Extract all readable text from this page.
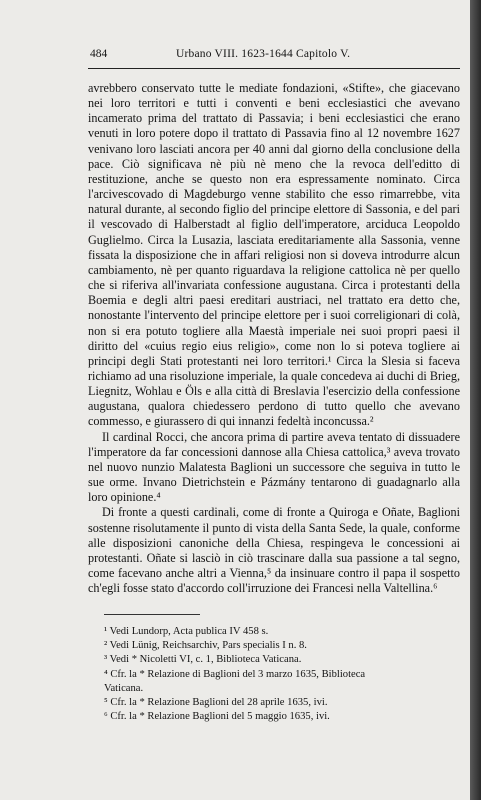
484	Urbano VIII. 1623-1644 Capitolo V.

avrebbero conservato tutte le mediate fondazioni, «Stifte», che giacevano nei loro territori e tutti i conventi e beni ecclesiastici che avevano incamerato prima del trattato di Passavia; i beni ecclesiastici che erano venuti in loro potere dopo il trattato di Passavia fino al 12 novembre 1627 venivano loro lasciati ancora per 40 anni dal giorno della conclusione della pace. Ciò significava nè più nè meno che la revoca dell'editto di restituzione, anche se questo non era espressamente nominato. Circa l'arcivescovado di Magdeburgo venne stabilito che esso rimarrebbe, vita natural durante, al secondo figlio del principe elettore di Sassonia, e del pari il vescovado di Halberstadt al figlio dell'imperatore, arciduca Leopoldo Guglielmo. Circa la Lusazia, lasciata ereditariamente alla Sassonia, venne fissata la disposizione che in affari religiosi non si doveva introdurre alcun cambiamento, nè per quanto riguardava la religione cattolica nè per quello che si riferiva all'invariata confessione augustana. Circa i protestanti della Boemia e degli altri paesi ereditari austriaci, nel trattato era detto che, nonostante l'intervento del principe elettore per i suoi correligionari di colà, non si era potuto togliere alla Maestà imperiale nei suoi propri paesi il diritto del «cuius regio eius religio», come non lo si poteva togliere ai principi degli Stati protestanti nei loro territori.¹ Circa la Slesia si faceva richiamo ad una risoluzione imperiale, la quale concedeva ai duchi di Brieg, Liegnitz, Wohlau e Öls e alla città di Breslavia l'esercizio della confessione augustana, qualora chiedessero perdono di tutto quello che avevano commesso, e giurassero di qui innanzi fedeltà inconcussa.²

Il cardinal Rocci, che ancora prima di partire aveva tentato di dissuadere l'imperatore da far concessioni dannose alla Chiesa cattolica,³ aveva trovato nel nuovo nunzio Malatesta Baglioni un successore che seguiva in tutto le sue orme. Invano Dietrichstein e Pázmány tentarono di guadagnarlo alla loro opinione.⁴

Di fronte a questi cardinali, come di fronte a Quiroga e Oñate, Baglioni sostenne risolutamente il punto di vista della Santa Sede, la quale, conforme alle disposizioni canoniche della Chiesa, respingeva le concessioni ai protestanti. Oñate si lasciò in ciò trascinare dalla sua passione a tal segno, come facevano anche altri a Vienna,⁵ da insinuare contro il papa il sospetto ch'egli fosse stato d'accordo coll'irruzione dei Francesi nella Valtellina.⁶

¹ Vedi Lundorp, Acta publica IV 458 s.
² Vedi Lünig, Reichsarchiv, Pars specialis I n. 8.
³ Vedi * Nicoletti VI, c. 1, Biblioteca Vaticana.
⁴ Cfr. la * Relazione di Baglioni del 3 marzo 1635, Biblioteca
Vaticana.
⁵ Cfr. la * Relazione Baglioni del 28 aprile 1635, ivi.
⁶ Cfr. la * Relazione Baglioni del 5 maggio 1635, ivi.
